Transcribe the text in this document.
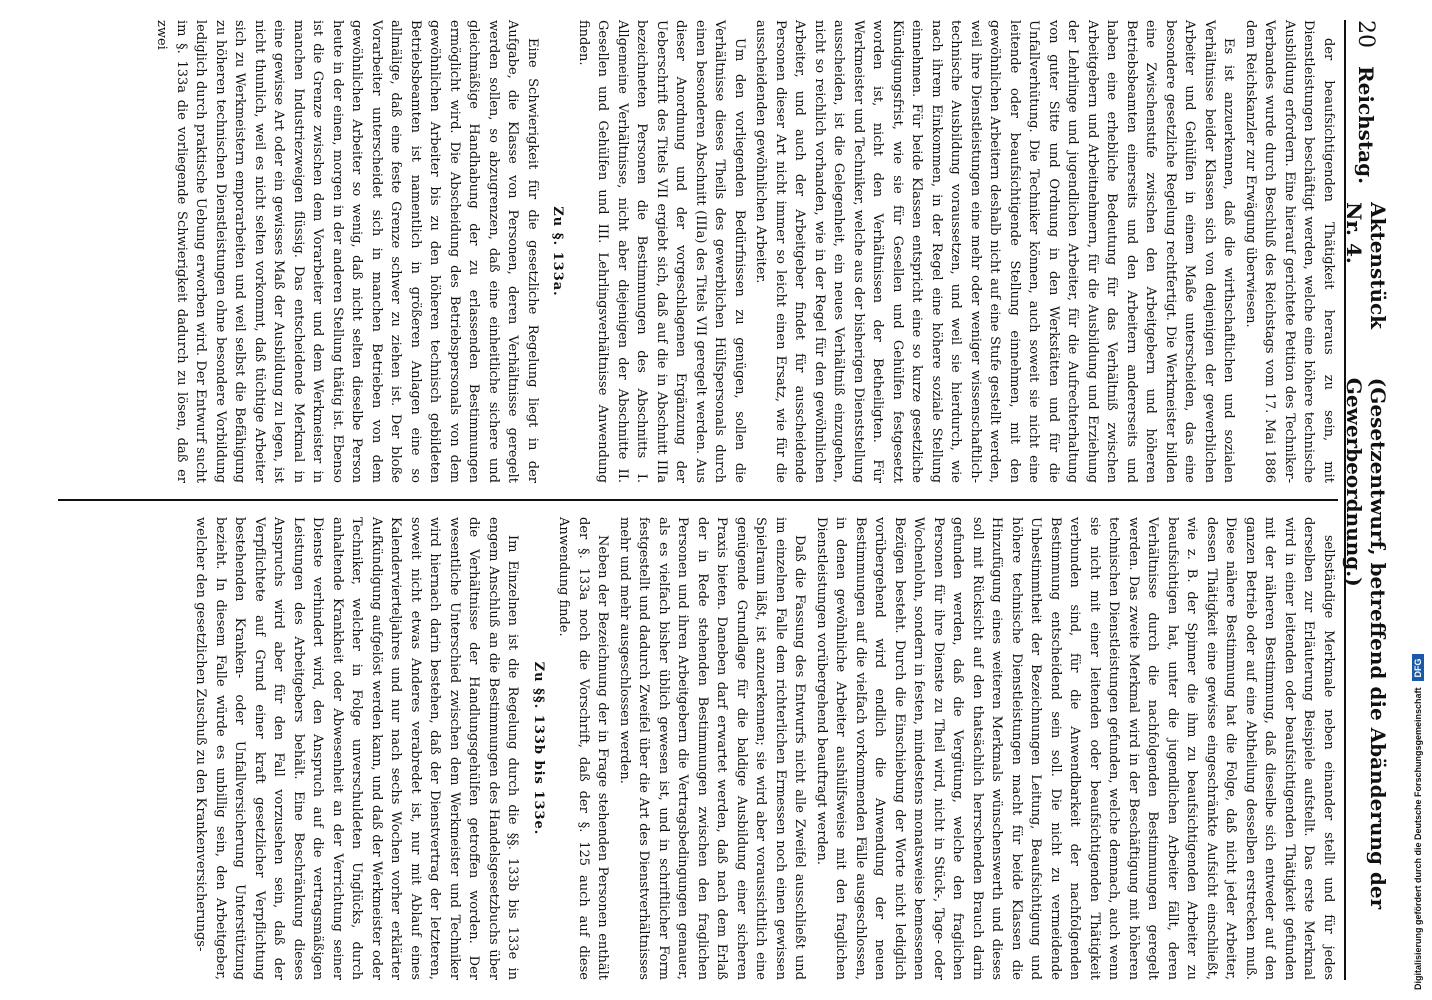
20
Reichstag.
Aktenstück Nr. 4.
(Gesetzentwurf, betreffend die Abänderung der Gewerbeordnung.)

der beaufsichtigenden Thätigkeit heraus zu sein, mit Dienstleistungen beschäftigt werden, welche eine höhere technische Ausbildung erfordern. Eine hierauf gerichtete Petition des Techniker-Verbandes wurde durch Beschluß des Reichstags vom 17. Mai 1886 dem Reichskanzler zur Erwägung überwiesen.

Es ist anzuerkennen, daß die wirthschaftlichen und sozialen Verhältnisse beider Klassen sich von denjenigen der gewerblichen Arbeiter und Gehülfen in einem Maße unterscheiden, das eine besondere gesetzliche Regelung rechtfertigt. Die Werkmeister bilden eine Zwischenstufe zwischen den Arbeitgebern und höheren Betriebsbeamten einerseits und den Arbeitern andererseits und haben eine erhebliche Bedeutung für das Verhältniß zwischen Arbeitgebern und Arbeitnehmern, für die Ausbildung und Erziehung der Lehrlinge und jugendlichen Arbeiter, für die Aufrechterhaltung von guter Sitte und Ordnung in den Werkstätten und für die Unfallverhütung. Die Techniker können, auch soweit sie nicht eine leitende oder beaufsichtigende Stellung einnehmen, mit den gewöhnlichen Arbeitern deshalb nicht auf eine Stufe gestellt werden, weil ihre Dienstleistungen eine mehr oder weniger wissenschaftlich-technische Ausbildung voraussetzen, und weil sie hierdurch, wie nach ihrem Einkommen, in der Regel eine höhere soziale Stellung einnehmen. Für beide Klassen entspricht eine so kurze gesetzliche Kündigungsfrist, wie sie für Gesellen und Gehülfen festgesetzt worden ist, nicht den Verhältnissen der Betheiligten. Für Werkmeister und Techniker, welche aus der bisherigen Dienststellung ausscheiden, ist die Gelegenheit, ein neues Verhältniß einzugehen, nicht so reichlich vorhanden, wie in der Regel für den gewöhnlichen Arbeiter, und auch der Arbeitgeber findet für ausscheidende Personen dieser Art nicht immer so leicht einen Ersatz, wie für die ausscheidenden gewöhnlichen Arbeiter.

Um den vorliegenden Bedürfnissen zu genügen, sollen die Verhältnisse dieses Theils des gewerblichen Hülfspersonals durch einen besonderen Abschnitt (IIIa) des Titels VII geregelt werden. Aus dieser Anordnung und der vorgeschlagenen Ergänzung der Ueberschrift des Titels VII ergiebt sich, daß auf die in Abschnitt IIIa bezeichneten Personen die Bestimmungen des Abschnitts I. Allgemeine Verhältnisse, nicht aber diejenigen der Abschnitte II. Gesellen und Gehülfen und III. Lehrlingsverhältnisse Anwendung finden.

Zu §. 133a.

Eine Schwierigkeit für die gesetzliche Regelung liegt in der Aufgabe, die Klasse von Personen, deren Verhältnisse geregelt werden sollen, so abzugrenzen, daß eine einheitliche sichere und gleichmäßige Handhabung der zu erlassenden Bestimmungen ermöglicht wird. Die Abscheidung des Betriebspersonals von dem gewöhnlichen Arbeiter bis zu den höheren technisch gebildeten Betriebsbeamten ist namentlich in größeren Anlagen eine so allmälige, daß eine feste Grenze schwer zu ziehen ist. Der bloße Vorarbeiter unterscheidet sich in manchen Betrieben von dem gewöhnlichen Arbeiter so wenig, daß nicht selten dieselbe Person heute in der einen, morgen in der anderen Stellung thätig ist. Ebenso ist die Grenze zwischen dem Vorarbeiter und dem Werkmeister in manchen Industriezweigen flüssig. Das entscheidende Merkmal in eine gewisse Art oder ein gewisses Maß der Ausbildung zu legen, ist nicht thunlich, weil es nicht selten vorkommt, daß tüchtige Arbeiter sich zu Werkmeistern emporarbeiten und weil selbst die Befähigung zu höheren technischen Dienstleistungen ohne besondere Vorbildung lediglich durch praktische Uebung erworben wird. Der Entwurf sucht im §. 133a die vorliegende Schwierigkeit dadurch zu lösen, daß er zwei

selbständige Merkmale neben einander stellt und für jedes derselben zur Erläuterung Beispiele aufstellt. Das erste Merkmal wird in einer leitenden oder beaufsichtigenden Thätigkeit gefunden mit der näheren Bestimmung, daß dieselbe sich entweder auf den ganzen Betrieb oder auf eine Abtheilung desselben erstrecken muß. Diese nähere Bestimmung hat die Folge, daß nicht jeder Arbeiter, dessen Thätigkeit eine gewisse eingeschränkte Aufsicht einschließt, wie z. B. der Spinner die ihm zu beaufsichtigenden Arbeiter zu beaufsichtigen hat, unter die jugendlichen Arbeiter fällt, deren Verhältnisse durch die nachfolgenden Bestimmungen geregelt werden. Das zweite Merkmal wird in der Beschäftigung mit höheren technischen Dienstleistungen gefunden, welche demnach, auch wenn sie nicht mit einer leitenden oder beaufsichtigenden Thätigkeit verbunden sind, für die Anwendbarkeit der nachfolgenden Bestimmung entscheidend sein soll. Die nicht zu vermeidende Unbestimmtheit der Bezeichnungen Leitung, Beaufsichtigung und höhere technische Dienstleistungen macht für beide Klassen die Hinzufügung eines weiteren Merkmals wünschenswerth und dieses soll mit Rücksicht auf den thatsächlich herrschenden Brauch darin gefunden werden, daß die Vergütung, welche den fraglichen Personen für ihre Dienste zu Theil wird, nicht in Stück-, Tage- oder Wochenlohn, sondern in festen, mindestens monatsweise bemessenen Bezügen besteht. Durch die Einschiebung der Worte nicht lediglich vorübergehend wird endlich die Anwendung der neuen Bestimmungen auf die vielfach vorkommenden Fälle ausgeschlossen, in denen gewöhnliche Arbeiter aushülfsweise mit den fraglichen Dienstleistungen vorübergehend beauftragt werden.

Daß die Fassung des Entwurfs nicht alle Zweifel ausschließt und im einzelnen Falle dem richterlichen Ermessen noch einen gewissen Spielraum läßt, ist anzuerkennen; sie wird aber voraussichtlich eine genügende Grundlage für die baldige Ausbildung einer sicheren Praxis bieten. Daneben darf erwartet werden, daß nach dem Erlaß der in Rede stehenden Bestimmungen zwischen den fraglichen Personen und ihren Arbeitgebern die Vertragsbedingungen genauer, als es vielfach bisher üblich gewesen ist, und in schriftlicher Form festgestellt und dadurch Zweifel über die Art des Dienstverhältnisses mehr und mehr ausgeschlossen werden.

Neben der Bezeichnung der in Frage stehenden Personen enthält der §. 133a noch die Vorschrift, daß der §. 125 auch auf diese Anwendung finde.

Zu §§. 133b bis 133e.

Im Einzelnen ist die Regelung durch die §§. 133b bis 133e in engem Anschluß an die Bestimmungen des Handelsgesetzbuchs über die Verhältnisse der Handlungsgehülfen getroffen worden. Der wesentliche Unterschied zwischen dem Werkmeister und Techniker wird hiernach darin bestehen, daß der Dienstvertrag der letzteren, soweit nicht etwas Anderes verabredet ist, nur mit Ablauf eines Kalendervierteljahres und nur nach sechs Wochen vorher erklärter Aufkündigung aufgelöst werden kann, und daß der Werkmeister oder Techniker, welcher in Folge unverschuldeten Unglücks, durch anhaltende Krankheit oder Abwesenheit an der Verrichtung seiner Dienste verhindert wird, den Anspruch auf die vertragsmäßigen Leistungen des Arbeitgebers behält. Eine Beschränkung dieses Anspruchs wird aber für den Fall vorzusehen sein, daß der Verpflichtete auf Grund einer kraft gesetzlicher Verpflichtung bestehenden Kranken- oder Unfallversicherung Unterstützung bezieht. In diesem Falle würde es unbillig sein, den Arbeitgeber, welcher den gesetzlichen Zuschuß zu den Krankenversicherungs-	Digitalisierung gefördert durch die Deutsche Forschungsgemeinschaft
DFG
